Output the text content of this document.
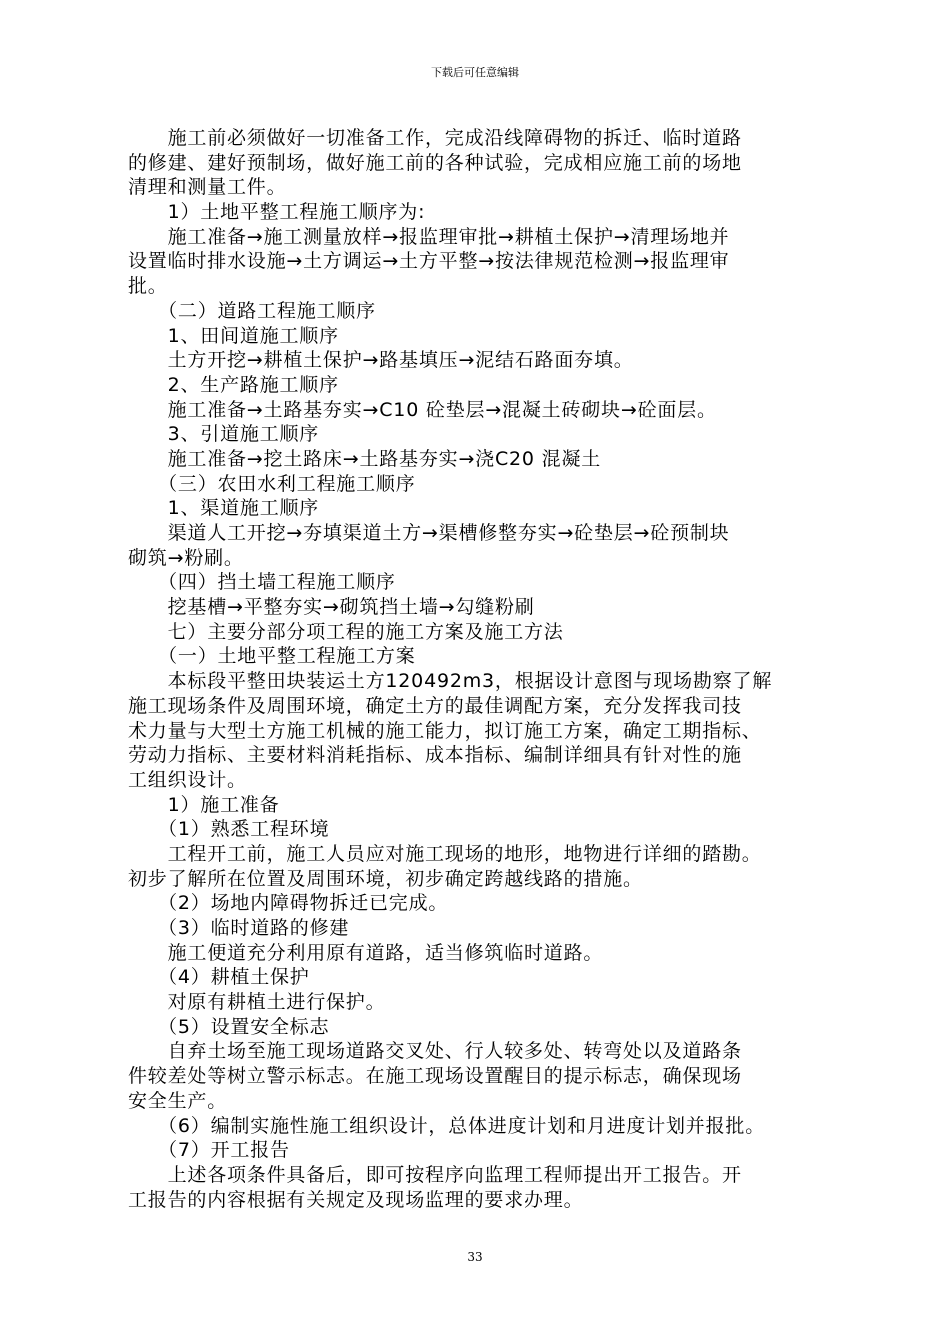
下载后可任意编辑
　　施工前必须做好一切准备工作，完成沿线障碍物的拆迁、临时道路
的修建、建好预制场，做好施工前的各种试验，完成相应施工前的场地
清理和测量工件。
　　1）土地平整工程施工顺序为:
　　施工准备→施工测量放样→报监理审批→耕植土保护→清理场地并
设置临时排水设施→土方调运→土方平整→按法律规范检测→报监理审
批。
　　（二）道路工程施工顺序
　　1、田间道施工顺序
　　土方开挖→耕植土保护→路基填压→泥结石路面夯填。
　　2、生产路施工顺序
　　施工准备→土路基夯实→C10 砼垫层→混凝土砖砌块→砼面层。
　　3、引道施工顺序
　　施工准备→挖土路床→土路基夯实→浇C20 混凝土
　　（三）农田水利工程施工顺序
　　1、渠道施工顺序
　　渠道人工开挖→夯填渠道土方→渠槽修整夯实→砼垫层→砼预制块
砌筑→粉刷。
　　（四）挡土墙工程施工顺序
　　挖基槽→平整夯实→砌筑挡土墙→勾缝粉刷
　　七）主要分部分项工程的施工方案及施工方法
　　（一）土地平整工程施工方案
　　本标段平整田块装运土方120492m3，根据设计意图与现场勘察了解
施工现场条件及周围环境，确定土方的最佳调配方案，充分发挥我司技
术力量与大型土方施工机械的施工能力，拟订施工方案，确定工期指标、
劳动力指标、主要材料消耗指标、成本指标、编制详细具有针对性的施
工组织设计。
　　1）施工准备
　　（1）熟悉工程环境
　　工程开工前，施工人员应对施工现场的地形，地物进行详细的踏勘。
初步了解所在位置及周围环境，初步确定跨越线路的措施。
　　（2）场地内障碍物拆迁已完成。
　　（3）临时道路的修建
　　施工便道充分利用原有道路，适当修筑临时道路。
　　（4）耕植土保护
　　对原有耕植土进行保护。
　　（5）设置安全标志
　　自弃土场至施工现场道路交叉处、行人较多处、转弯处以及道路条
件较差处等树立警示标志。在施工现场设置醒目的提示标志，确保现场
安全生产。
　　（6）编制实施性施工组织设计，总体进度计划和月进度计划并报批。
　　（7）开工报告
　　上述各项条件具备后，即可按程序向监理工程师提出开工报告。开
工报告的内容根据有关规定及现场监理的要求办理。
33
